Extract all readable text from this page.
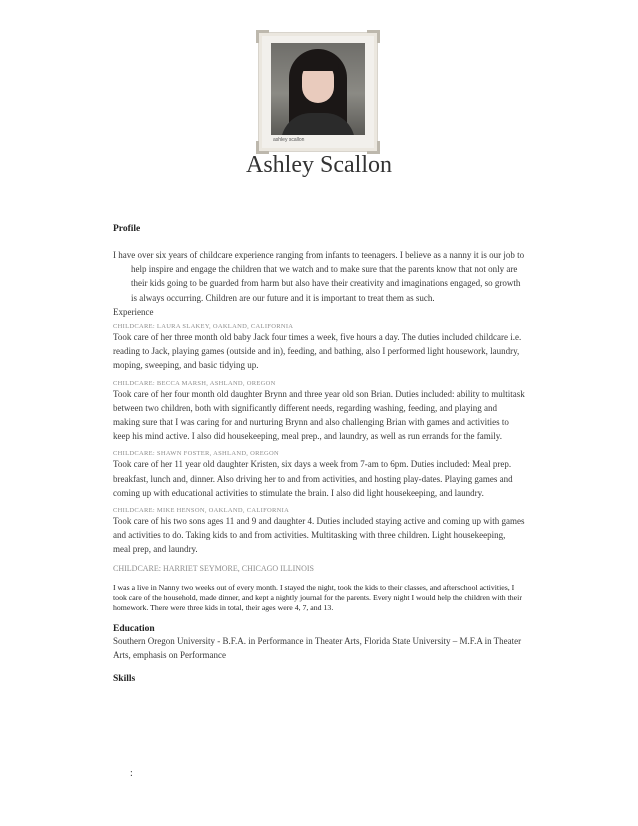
ashley scallon
Ashley Scallon

Profile

I have over six years of childcare experience ranging from infants to teenagers. I believe as a nanny it is our job to help inspire and engage the children that we watch and to make sure that the parents know that not only are their kids going to be guarded from harm but also have their creativity and imaginations engaged, so growth is always occurring. Children are our future and it is important to treat them as such.

Experience

CHILDCARE: LAURA SLAKEY, OAKLAND, CALIFORNIA

Took care of her three month old baby Jack four times a week, five hours a day. The duties included childcare i.e. reading to Jack, playing games (outside and in), feeding, and bathing, also I performed light housework, laundry, moping, sweeping, and basic tidying up.

CHILDCARE: BECCA MARSH, ASHLAND, OREGON

Took care of her four month old daughter Brynn and three year old son Brian. Duties included: ability to multitask between two children, both with significantly different needs, regarding washing, feeding, and playing and making sure that I was caring for and nurturing Brynn and also challenging Brian with games and activities to keep his mind active. I also did housekeeping, meal prep., and laundry, as well as run errands for the family.

CHILDCARE: SHAWN FOSTER, ASHLAND, OREGON

Took care of her 11 year old daughter Kristen, six days a week from 7-am to 6pm. Duties included: Meal prep. breakfast, lunch and, dinner. Also driving her to and from activities, and hosting play-dates. Playing games and coming up with educational activities to stimulate the brain. I also did light housekeeping, and laundry.

CHILDCARE: MIKE HENSON, OAKLAND, CALIFORNIA

Took care of his two sons ages 11 and 9 and daughter 4. Duties included staying active and coming up with games and activities to do. Taking kids to and from activities. Multitasking with three children. Light housekeeping, meal prep, and laundry.

CHILDCARE: HARRIET SEYMORE, CHICAGO ILLINOIS

I was a live in Nanny two weeks out of every month. I stayed the night, took the kids to their classes, and afterschool activities, I took care of the household, made dinner, and kept a nightly journal for the parents. Every night I would help the children with their homework. There were three kids in total, their ages were 4, 7, and 13.

Education

Southern Oregon University - B.F.A. in Performance in Theater Arts, Florida State University – M.F.A in Theater Arts, emphasis on Performance

Skills

:
